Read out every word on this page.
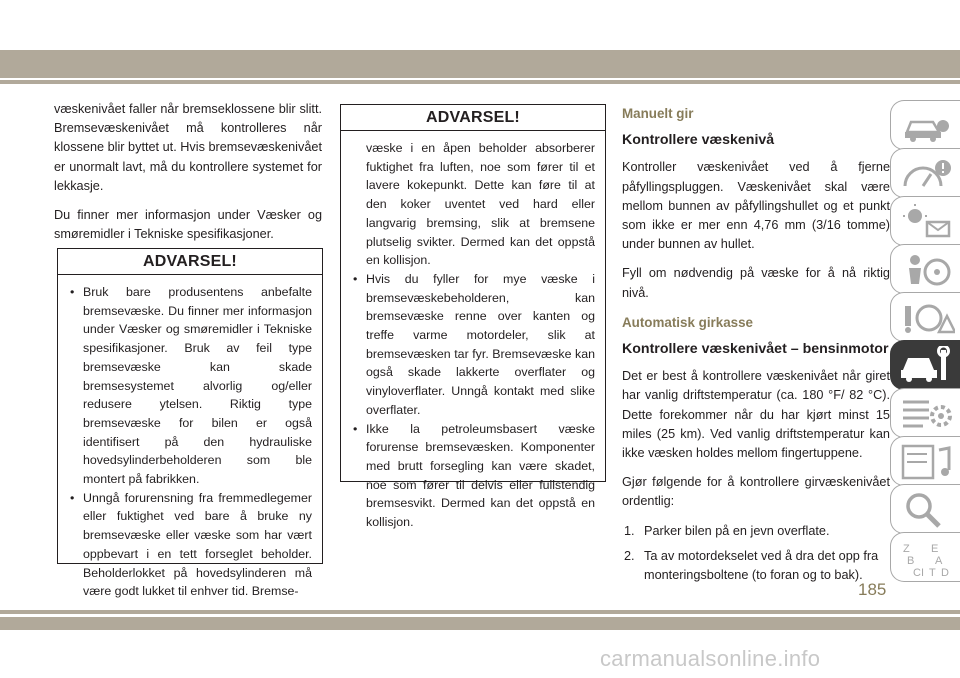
væskenivået faller når bremseklossene blir slitt. Bremsevæskenivået må kontrolleres når klossene blir byttet ut. Hvis bremsevæskenivået er unormalt lavt, må du kontrollere systemet for lekkasje.

Du finner mer informasjon under Væsker og smøremidler i Tekniske spesifikasjoner.

ADVARSEL!
• Bruk bare produsentens anbefalte bremsevæske. Du finner mer informasjon under Væsker og smøremidler i Tekniske spesifikasjoner. Bruk av feil type bremsevæske kan skade bremsesystemet alvorlig og/eller redusere ytelsen. Riktig type bremsevæske for bilen er også identifisert på den hydrauliske hovedsylinderbeholderen som ble montert på fabrikken.
• Unngå forurensning fra fremmedlegemer eller fuktighet ved bare å bruke ny bremsevæske eller væske som har vært oppbevart i en tett forseglet beholder. Beholderlokket på hovedsylinderen må være godt lukket til enhver tid. Bremse-
ADVARSEL!
væske i en åpen beholder absorberer fuktighet fra luften, noe som fører til et lavere kokepunkt. Dette kan føre til at den koker uventet ved hard eller langvarig bremsing, slik at bremsene plutselig svikter. Dermed kan det oppstå en kollisjon.
• Hvis du fyller for mye væske i bremsevæskebeholderen, kan bremsevæske renne over kanten og treffe varme motordeler, slik at bremsevæsken tar fyr. Bremsevæske kan også skade lakkerte overflater og vinyloverflater. Unngå kontakt med slike overflater.
• Ikke la petroleumsbasert væske forurense bremsevæsken. Komponenter med brutt forsegling kan være skadet, noe som fører til delvis eller fullstendig bremsesvikt. Dermed kan det oppstå en kollisjon.
Manuelt gir
Kontrollere væskenivå

Kontroller væskenivået ved å fjerne påfyllingspluggen. Væskenivået skal være mellom bunnen av påfyllingshullet og et punkt som ikke er mer enn 4,76 mm (3/16 tomme) under bunnen av hullet.

Fyll om nødvendig på væske for å nå riktig nivå.

Automatisk girkasse
Kontrollere væskenivået – bensinmotor

Det er best å kontrollere væskenivået når giret har vanlig driftstemperatur (ca. 180 °F/ 82 °C). Dette forekommer når du har kjørt minst 15 miles (25 km). Ved vanlig driftstemperatur kan ikke væsken holdes mellom fingertuppene.

Gjør følgende for å kontrollere girvæskenivået ordentlig:

1. Parker bilen på en jevn overflate.
2. Ta av motordekselet ved å dra det opp fra monteringsboltene (to foran og to bak).
Z E
B A
C D
I T
185
carmanualsonline.info
